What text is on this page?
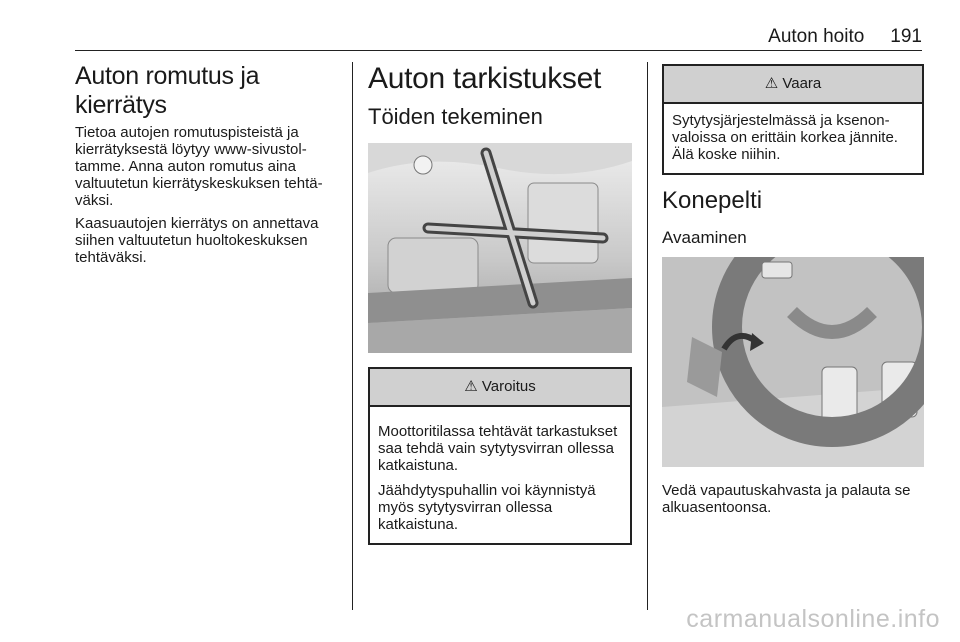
Auton hoito 191
Auton romutus ja kierrätys

Tietoa autojen romutuspisteistä ja kierrätyksestä löytyy www-sivustoltamme. Anna auton romutus aina valtuutetun kierrätyskeskuksen tehtäväksi.

Kaasuautojen kierrätys on annettava siihen valtuutetun huoltokeskuksen tehtäväksi.

Auton tarkistukset
Töiden tekeminen
⚠ Varoitus

Moottoritilassa tehtävät tarkastukset saa tehdä vain sytytysvirran ollessa katkaistuna.

Jäähdytyspuhallin voi käynnistyä myös sytytysvirran ollessa katkaistuna.

⚠ Vaara

Sytytysjärjestelmässä ja ksenonvaloissa on erittäin korkea jännite. Älä koske niihin.

Konepelti
Avaaminen

Vedä vapautuskahvasta ja palauta se alkuasentoonsa.

carmanualsonline.info
